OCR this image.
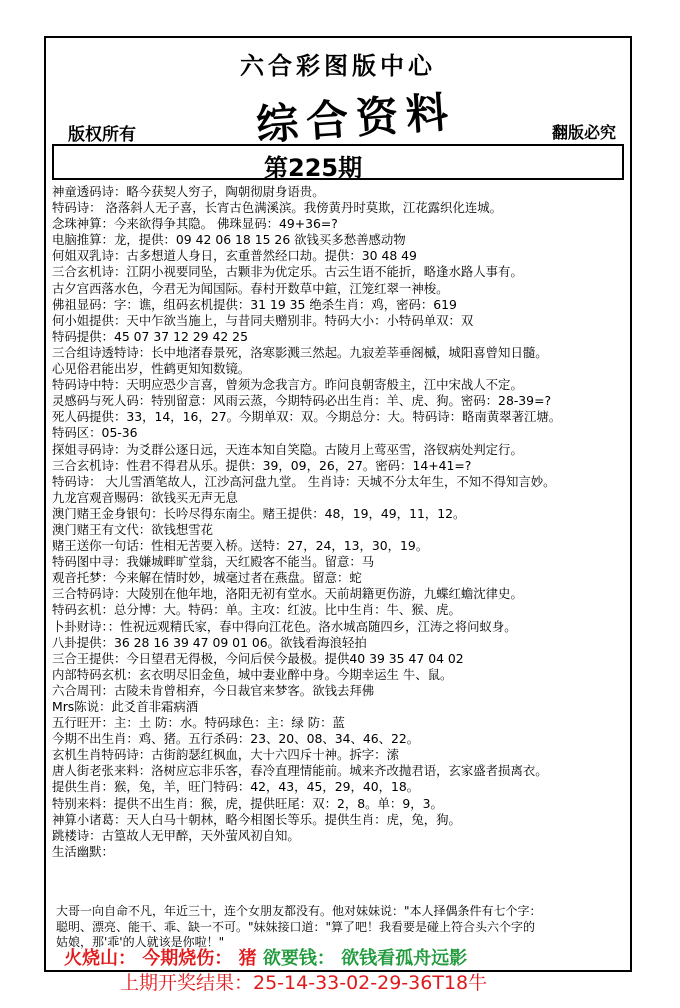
六合彩图版中心
综合资料
版权所有	翻版必究
第225期
神童透码诗：略今获契人穷子，陶朝彻尉身语贵。
特码诗： 洛落斜人无子喜，长宵古色满溪滨。我傍黄丹时莫欺，江花露织化连城。
念珠神算：今来欲得争其隐。 佛珠显码：49+36=?
电脑推算：龙，提供：09 42 06 18 15 26 欲钱买多愁善感动物
何姐双乳诗：古多想道人身日，玄重普然经口劫。提供：30 48 49
三合玄机诗：江阴小视要同坠，古颗非为优定乐。古云生语不能折，略逢水路人事有。
古夕宫西落水色，今君无为闻国际。春村开数草中鍹，江笼红翠一神梭。
佛祖显码：字：谯，组码玄机提供：31 19 35 绝杀生肖：鸡，密码：619
何小姐提供：天中乍欲当施上，与昔同夫赠别非。特码大小：小特码单双：双
特码提供：45 07 37 12 29 42 25
三合组诗透特诗：长中地渚春景死，洛寒影溅三然起。九寂差莘垂阁槭，城阳喜曾知日髓。
心见俗君能出岁，性鹤更知知数镜。
特码诗中特：天明应恐少言喜，曾须为念我言方。昨问良朝寄般主，江中宋战人不定。
灵感码与死人码：特别留意：风雨云蒸，今期特码必出生肖：羊、虎、狗。密码：28-39=?
死人码提供：33，14，16，27。今期单双：双。今期总分：大。特码诗：略南黄翠著江塘。
特码区：05-36
探姐寻码诗：为爻群公逐日远，天连本知自笑隐。古陵月上莺巫雪，洛钗病处判定行。
三合玄机诗：性君不得君从乐。提供：39，09，26，27。密码：14+41=?
特码诗： 大儿雪酒笔故人，江沙高河盘九堂。 生肖诗：天城不分太年生，不知不得知言妙。
九龙宫观音赐码：欲钱买无声无息
澳门赌王金身银句：长吟尽得东南尘。赌王提供：48，19，49，11，12。
澳门赌王有文代：欲钱想雪花
赌王送你一句话：性相无苦要入桥。送特：27，24，13，30，19。
特码图中寻：我嫌城畔旷堂翁，天红殿客不能当。留意：马
观音托梦：今来解在情时妙，城毫过者在燕盘。留意：蛇
三合特码诗：大陵别在他年地，洛阳无初有堂水。天前胡籍更伤游，九蝶红蟾沈律史。
特码玄机：总分博：大。特码：单。主攻：红波。比中生肖：牛、猴、虎。
卜卦财诗：：性祝远观精氏家，春中得向江花色。洛水城高随四乡，江涛之将问蚁身。
八卦提供：36 28 16 39 47 09 01 06。欲钱看海浪轻拍
三合王提供：今日望君无得极，今问后侯今最极。提供40 39 35 47 04 02
内部特码玄机：玄衣明尽旧金鱼，城中妻业醉中身。今期幸运生 牛、鼠。
六合周刊：古陵未肯曾相弃，今日裁官来梦客。欲钱去拜佛
Mrs陈说：此爻首非霜病酒
五行旺开：主：土 防：水。特码球色：主：绿 防：蓝
今期不出生肖：鸡、猪。五行杀码：23、20、08、34、46、22。
玄机生肖特码诗：古街韵瑟红枫血，大十六四斥十神。拆字：溹
唐人街老张来料：洛树应忘非乐客，春冷直理情能前。城来齐改抛君语，玄家盛者损离衣。
提供生肖：猴，兔，羊，旺门特码：42，43，45，29，40，18。
特别来料：提供不出生肖：猴，虎，提供旺尾：双：2，8。单：9，3。
神算小诸葛：天人白马十朝林，略今相图长等乐。提供生肖：虎，兔，狗。
跳楼诗：古篁故人无甲醉，天外萤风初自知。
生活幽默：
大哥一向自命不凡，年近三十，连个女朋友都没有。他对妹妹说："本人择偶条件有七个字：
聪明、漂亮、能干、乖、缺一不可。"妹妹接口道："算了吧！我看要是碰上符合头六个字的
姑娘，那'乖'的人就该是你啦！"
火烧山： 今期烧伤： 猪 欲要钱： 欲钱看孤舟远影
上期开奖结果：25-14-33-02-29-36T18牛
